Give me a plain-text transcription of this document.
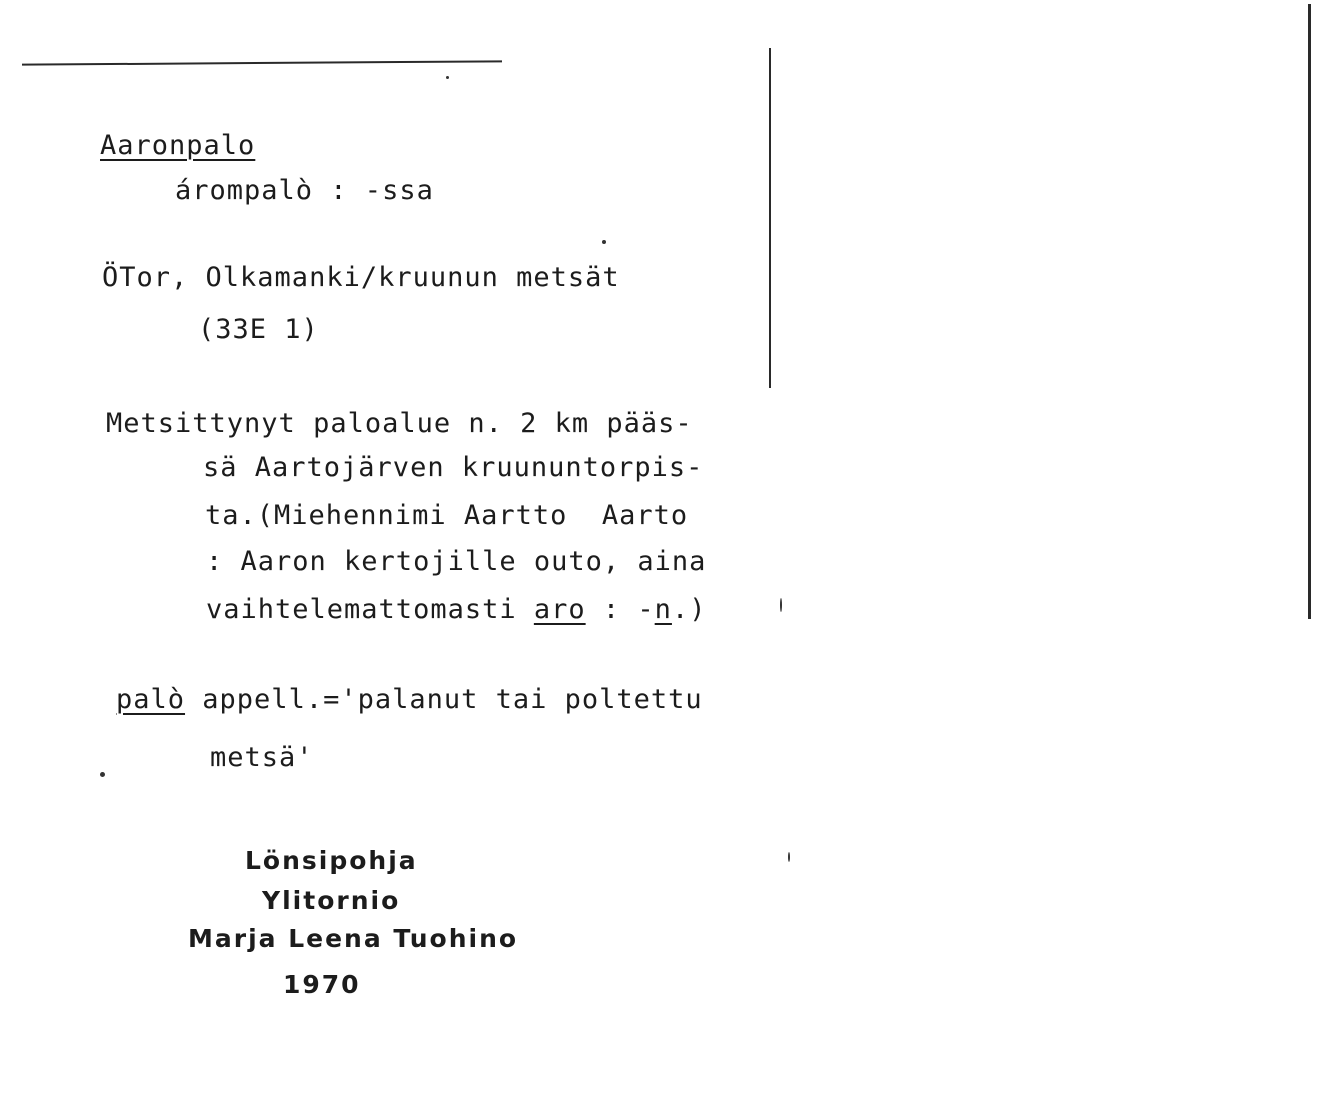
Aaronpalo
árompalò : -ssa
ÖTor, Olkamanki/kruunun metsät
(33E 1)
Metsittynyt paloalue n. 2 km pääs-
sä Aartojärven kruununtorpis-
ta.(Miehennimi Aartto  Aarto
: Aaron kertojille outo, aina
vaihtelemattomasti aro : -n.)
palò appell.='palanut tai poltettu
metsä'
Lönsipohja
Ylitornio
Marja Leena Tuohino
1970
